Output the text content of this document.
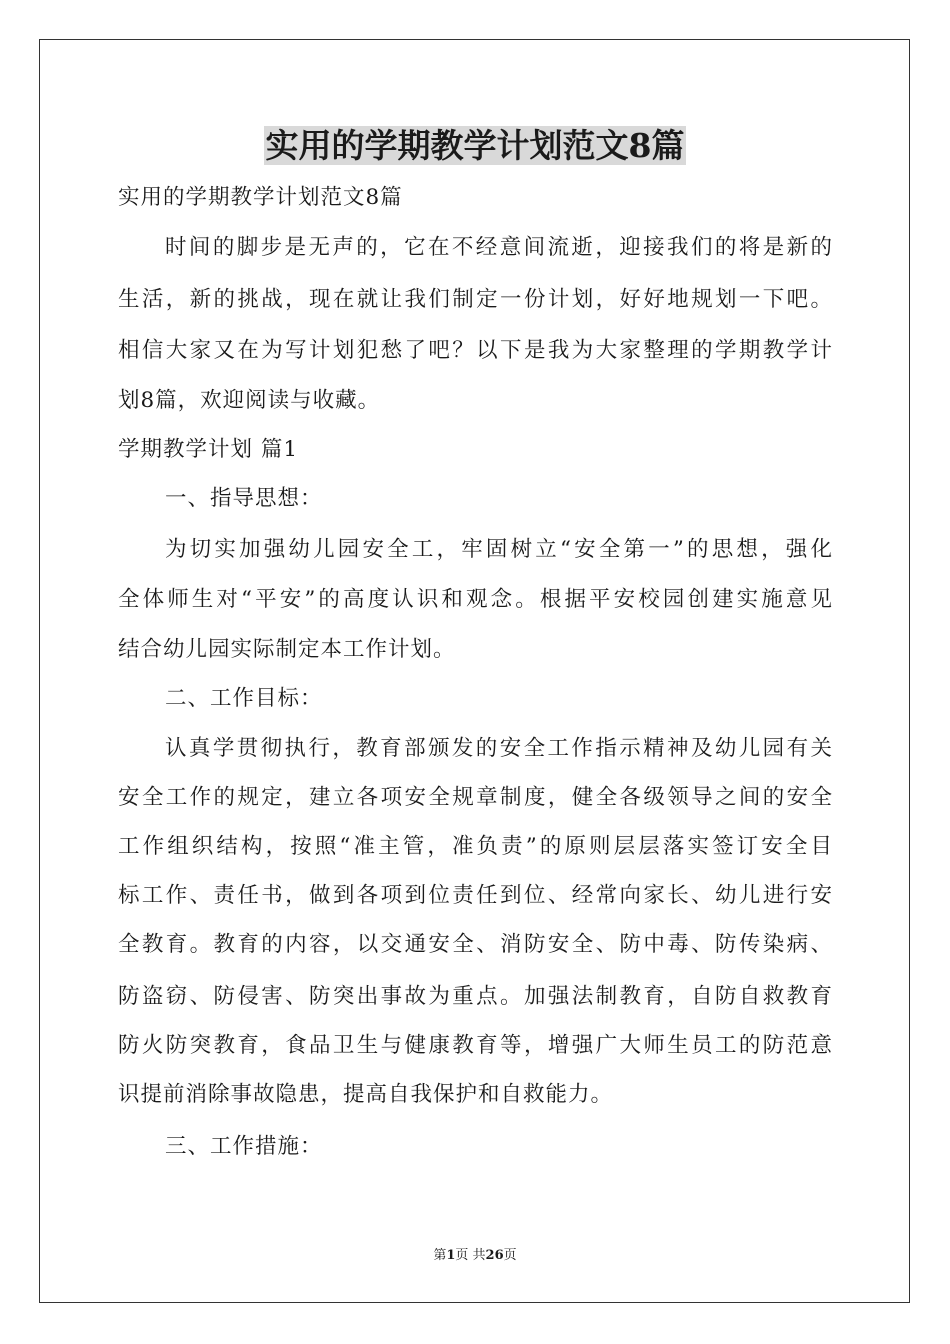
实用的学期教学计划范文8篇
实用的学期教学计划范文8篇
时间的脚步是无声的，它在不经意间流逝，迎接我们的将是新的
生活，新的挑战，现在就让我们制定一份计划，好好地规划一下吧。
相信大家又在为写计划犯愁了吧？以下是我为大家整理的学期教学计
划8篇，欢迎阅读与收藏。
学期教学计划 篇1
一、指导思想：
为切实加强幼儿园安全工，牢固树立“安全第一”的思想，强化
全体师生对“平安”的高度认识和观念。根据平安校园创建实施意见
结合幼儿园实际制定本工作计划。
二、工作目标：
认真学贯彻执行，教育部颁发的安全工作指示精神及幼儿园有关
安全工作的规定，建立各项安全规章制度，健全各级领导之间的安全
工作组织结构，按照“准主管，准负责”的原则层层落实签订安全目
标工作、责任书，做到各项到位责任到位、经常向家长、幼儿进行安
全教育。教育的内容，以交通安全、消防安全、防中毒、防传染病、
防盗窃、防侵害、防突出事故为重点。加强法制教育，自防自救教育
防火防突教育，食品卫生与健康教育等，增强广大师生员工的防范意
识提前消除事故隐患，提高自我保护和自救能力。
三、工作措施：
第1页 共26页
